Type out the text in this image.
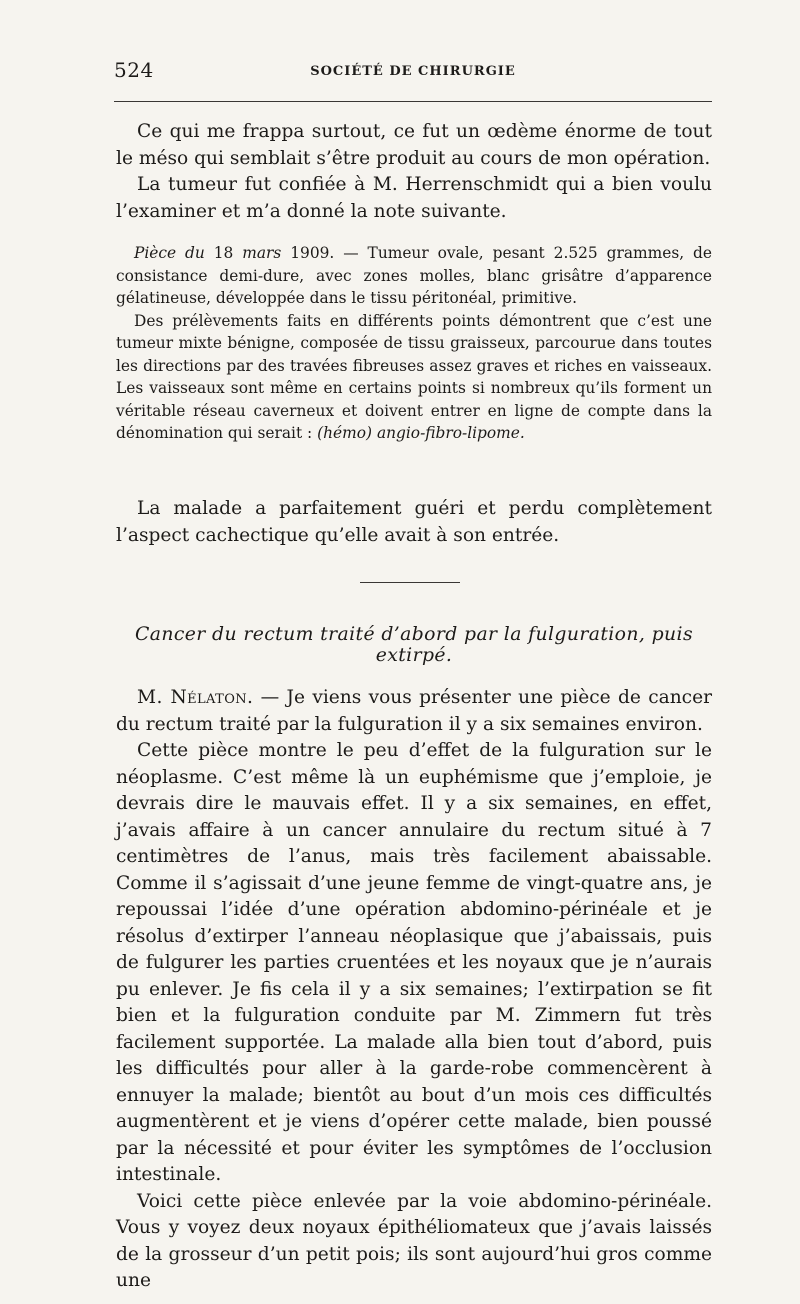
524	SOCIÉTÉ DE CHIRURGIE

Ce qui me frappa surtout, ce fut un œdème énorme de tout le méso qui semblait s’être produit au cours de mon opération.

La tumeur fut confiée à M. Herrenschmidt qui a bien voulu l’examiner et m’a donné la note suivante.

Pièce du 18 mars 1909. — Tumeur ovale, pesant 2.525 grammes, de consistance demi-dure, avec zones molles, blanc grisâtre d’apparence gélatineuse, développée dans le tissu péritonéal, primitive.

Des prélèvements faits en différents points démontrent que c’est une tumeur mixte bénigne, composée de tissu graisseux, parcourue dans toutes les directions par des travées fibreuses assez graves et riches en vaisseaux. Les vaisseaux sont même en certains points si nombreux qu’ils forment un véritable réseau caverneux et doivent entrer en ligne de compte dans la dénomination qui serait : (hémo) angio-fibro-lipome.

La malade a parfaitement guéri et perdu complètement l’aspect cachectique qu’elle avait à son entrée.

Cancer du rectum traité d’abord par la fulguration, puis extirpé.

M. Nélaton. — Je viens vous présenter une pièce de cancer du rectum traité par la fulguration il y a six semaines environ.

Cette pièce montre le peu d’effet de la fulguration sur le néoplasme. C’est même là un euphémisme que j’emploie, je devrais dire le mauvais effet. Il y a six semaines, en effet, j’avais affaire à un cancer annulaire du rectum situé à 7 centimètres de l’anus, mais très facilement abaissable. Comme il s’agissait d’une jeune femme de vingt-quatre ans, je repoussai l’idée d’une opération abdomino-périnéale et je résolus d’extirper l’anneau néoplasique que j’abaissais, puis de fulgurer les parties cruentées et les noyaux que je n’aurais pu enlever. Je fis cela il y a six semaines; l’extirpation se fit bien et la fulguration conduite par M. Zimmern fut très facilement supportée. La malade alla bien tout d’abord, puis les difficultés pour aller à la garde-robe commencèrent à ennuyer la malade; bientôt au bout d’un mois ces difficultés augmentèrent et je viens d’opérer cette malade, bien poussé par la nécessité et pour éviter les symptômes de l’occlusion intestinale.

Voici cette pièce enlevée par la voie abdomino-périnéale. Vous y voyez deux noyaux épithéliomateux que j’avais laissés de la grosseur d’un petit pois; ils sont aujourd’hui gros comme une
